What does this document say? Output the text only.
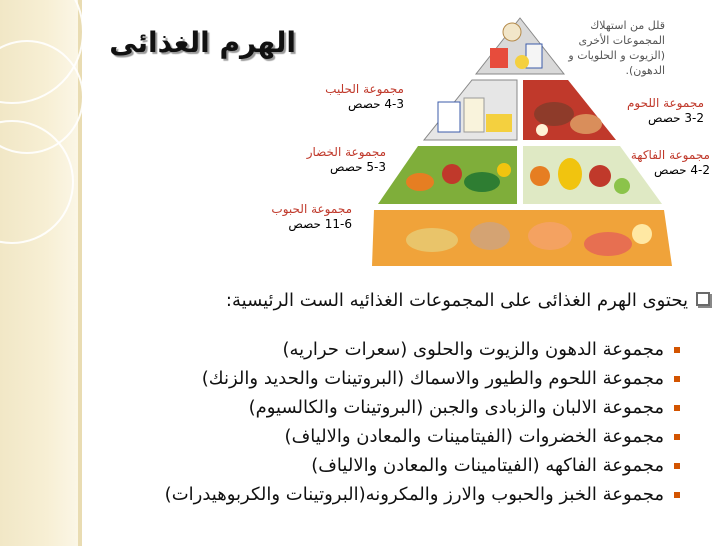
الهرم الغذائى
قلل من استهلاك المجموعات الأخرى (الزيوت و الحلويات و الدهون).
مجموعة الحليب
4-3 حصص	مجموعة اللحوم
3-2 حصص
مجموعة الخضار
5-3 حصص
مجموعة الفاكهة
4-2 حصص
مجموعة الحبوب
11-6 حصص
يحتوى الهرم الغذائى على المجموعات الغذائيه الست الرئيسية:
مجموعة الدهون والزيوت والحلوى (سعرات حراريه)
مجموعة اللحوم والطيور والاسماك (البروتينات والحديد والزنك)
مجموعة الالبان والزبادى والجبن (البروتينات والكالسيوم)
مجموعة الخضروات (الفيتامينات والمعادن والالياف)
مجموعة الفاكهه (الفيتامينات والمعادن والالياف)
مجموعة الخبز والحبوب والارز والمكرونه(البروتينات والكربوهيدرات)
